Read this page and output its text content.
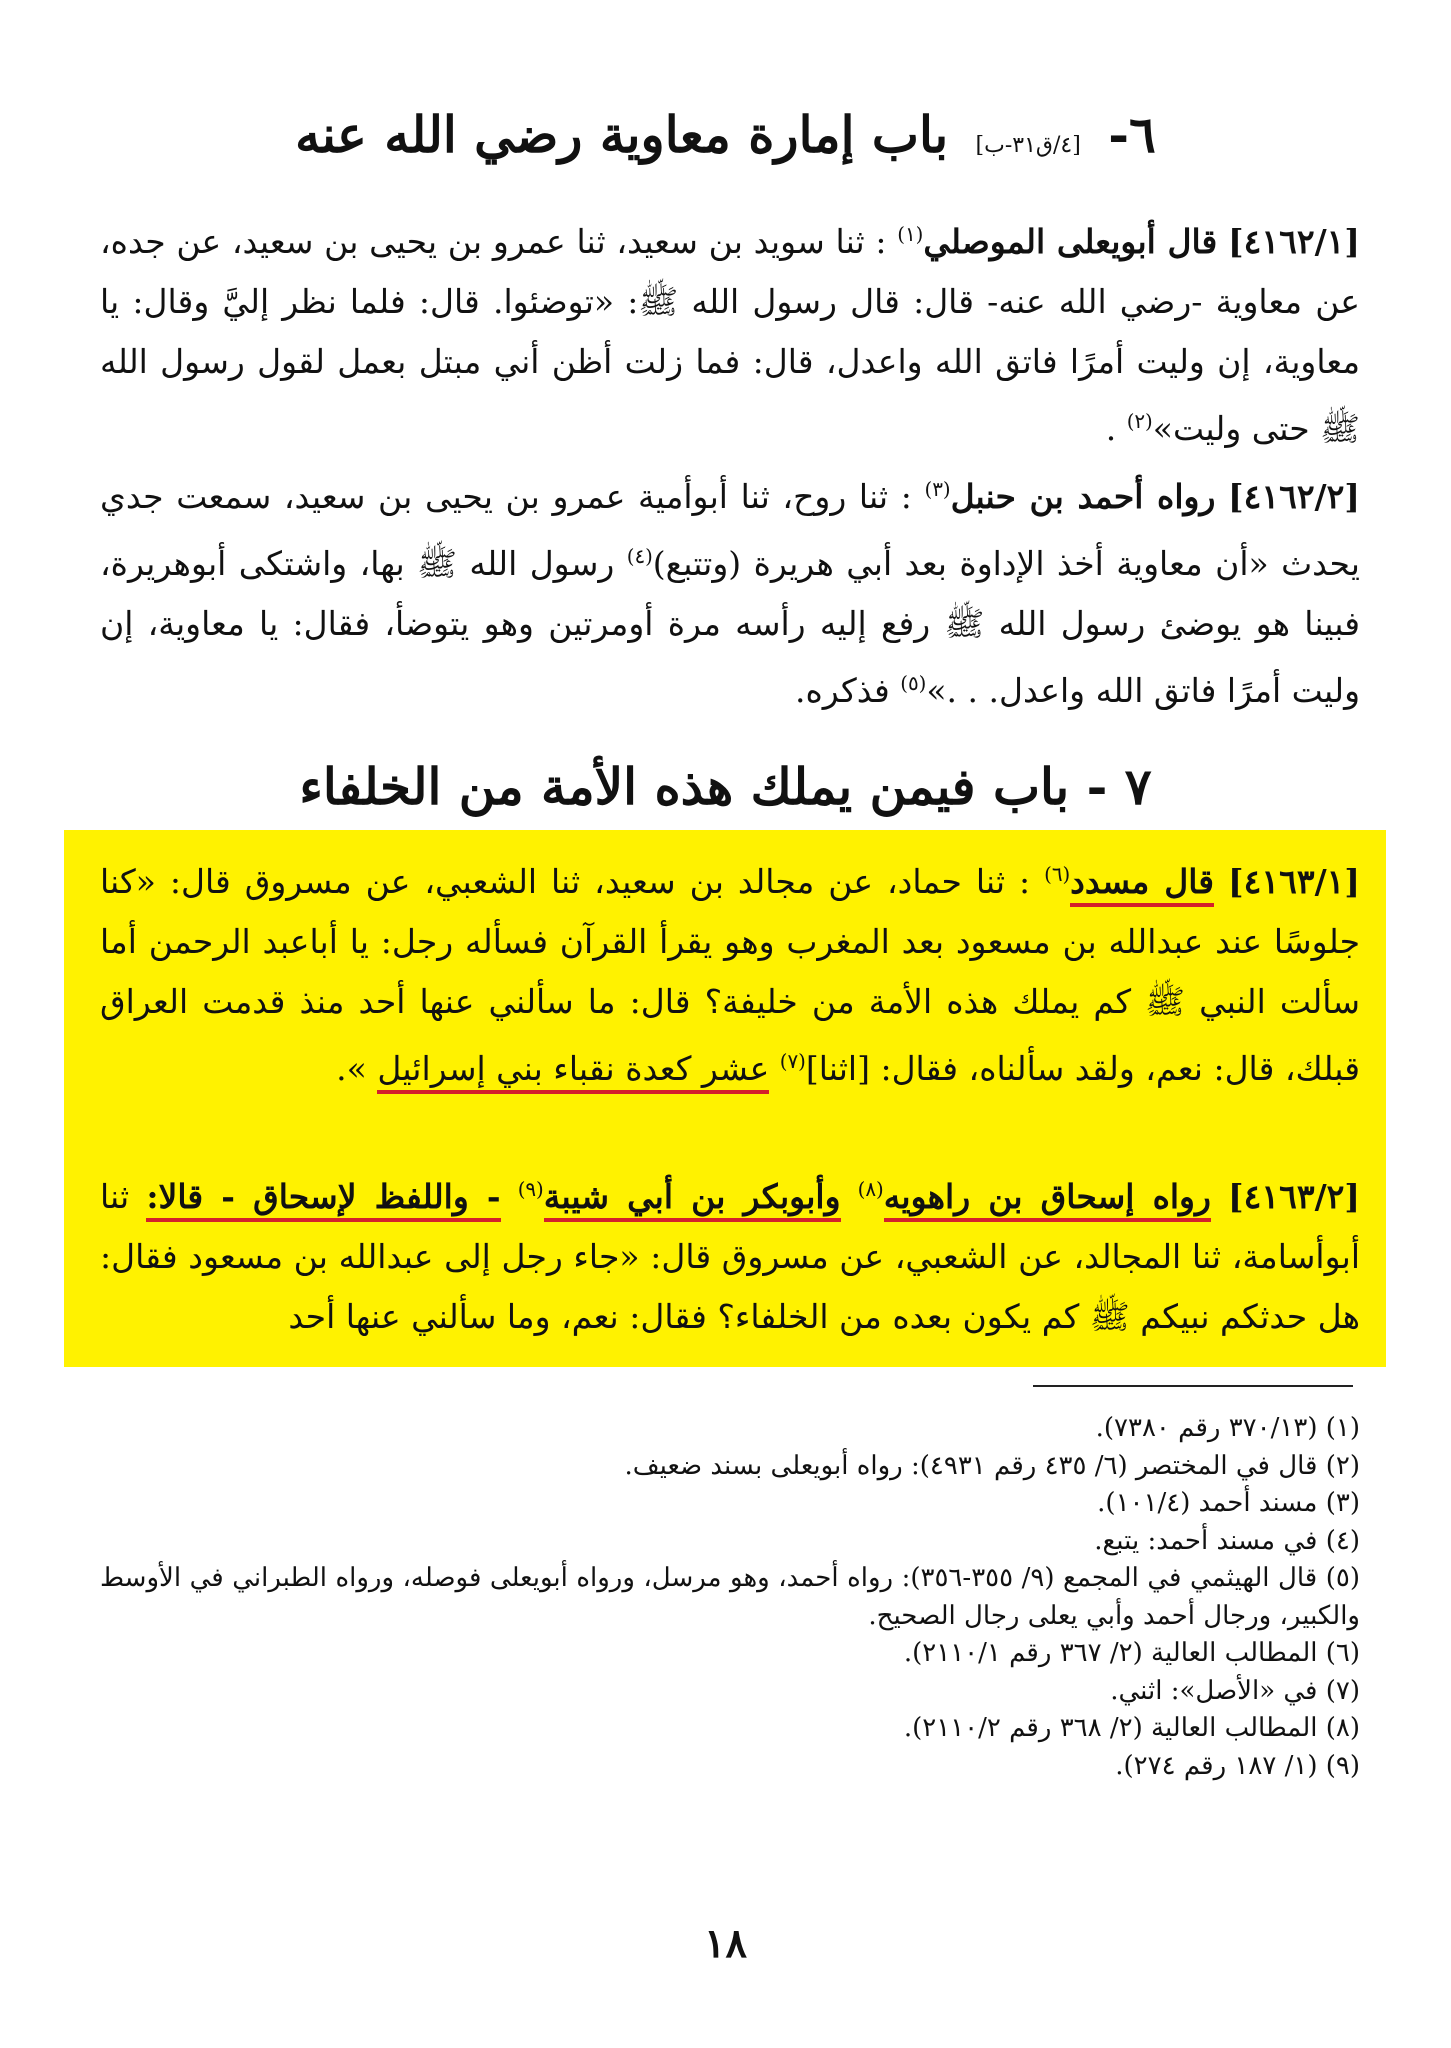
٦- [٤/ق٣١-ب] باب إمارة معاوية رضي الله عنه
[٤١٦٢/١] قال أبويعلى الموصلي$^{(١)}$ : ثنا سويد بن سعيد، ثنا عمرو بن يحيى بن سعيد، عن جده، عن معاوية -رضي الله عنه- قال: قال رسول الله ﷺ: «توضئوا. قال: فلما نظر إليَّ وقال: يا معاوية، إن وليت أمرًا فاتق الله واعدل، قال: فما زلت أظن أني مبتل بعمل لقول رسول الله ﷺ حتى وليت»$^{(٢)}$ .
[٤١٦٢/٢] رواه أحمد بن حنبل$^{(٣)}$ : ثنا روح، ثنا أبوأمية عمرو بن يحيى بن سعيد، سمعت جدي يحدث «أن معاوية أخذ الإداوة بعد أبي هريرة (وتتبع)$^{(٤)}$ رسول الله ﷺ بها، واشتكى أبوهريرة، فبينا هو يوضئ رسول الله ﷺ رفع إليه رأسه مرة أومرتين وهو يتوضأ، فقال: يا معاوية، إن وليت أمرًا فاتق الله واعدل. . .»$^{(٥)}$ فذكره.
٧ - باب فيمن يملك هذه الأمة من الخلفاء
[٤١٦٣/١] قال مسدد$^{(٦)}$ : ثنا حماد، عن مجالد بن سعيد، ثنا الشعبي، عن مسروق قال: «كنا جلوسًا عند عبدالله بن مسعود بعد المغرب وهو يقرأ القرآن فسأله رجل: يا أباعبد الرحمن أما سألت النبي ﷺ كم يملك هذه الأمة من خليفة؟ قال: ما سألني عنها أحد منذ قدمت العراق قبلك، قال: نعم، ولقد سألناه، فقال: [اثنا]$^{(٧)}$ عشر كعدة نقباء بني إسرائيل ».
[٤١٦٣/٢] رواه إسحاق بن راهويه$^{(٨)}$ وأبوبكر بن أبي شيبة$^{(٩)}$ - واللفظ لإسحاق - قالا: ثنا أبوأسامة، ثنا المجالد، عن الشعبي، عن مسروق قال: «جاء رجل إلى عبدالله بن مسعود فقال: هل حدثكم نبيكم ﷺ كم يكون بعده من الخلفاء؟ فقال: نعم، وما سألني عنها أحد

(١) (٣٧٠/١٣ رقم ٧٣٨٠).

(٢) قال في المختصر (٦/ ٤٣٥ رقم ٤٩٣١): رواه أبويعلى بسند ضعيف.

(٣) مسند أحمد (١٠١/٤).

(٤) في مسند أحمد: يتبع.

(٥) قال الهيثمي في المجمع (٩/ ٣٥٥-٣٥٦): رواه أحمد، وهو مرسل، ورواه أبويعلى فوصله، ورواه الطبراني في الأوسط والكبير، ورجال أحمد وأبي يعلى رجال الصحيح.

(٦) المطالب العالية (٢/ ٣٦٧ رقم ٢١١٠/١).

(٧) في «الأصل»: اثني.

(٨) المطالب العالية (٢/ ٣٦٨ رقم ٢١١٠/٢).

(٩) (١/ ١٨٧ رقم ٢٧٤).

١٨
